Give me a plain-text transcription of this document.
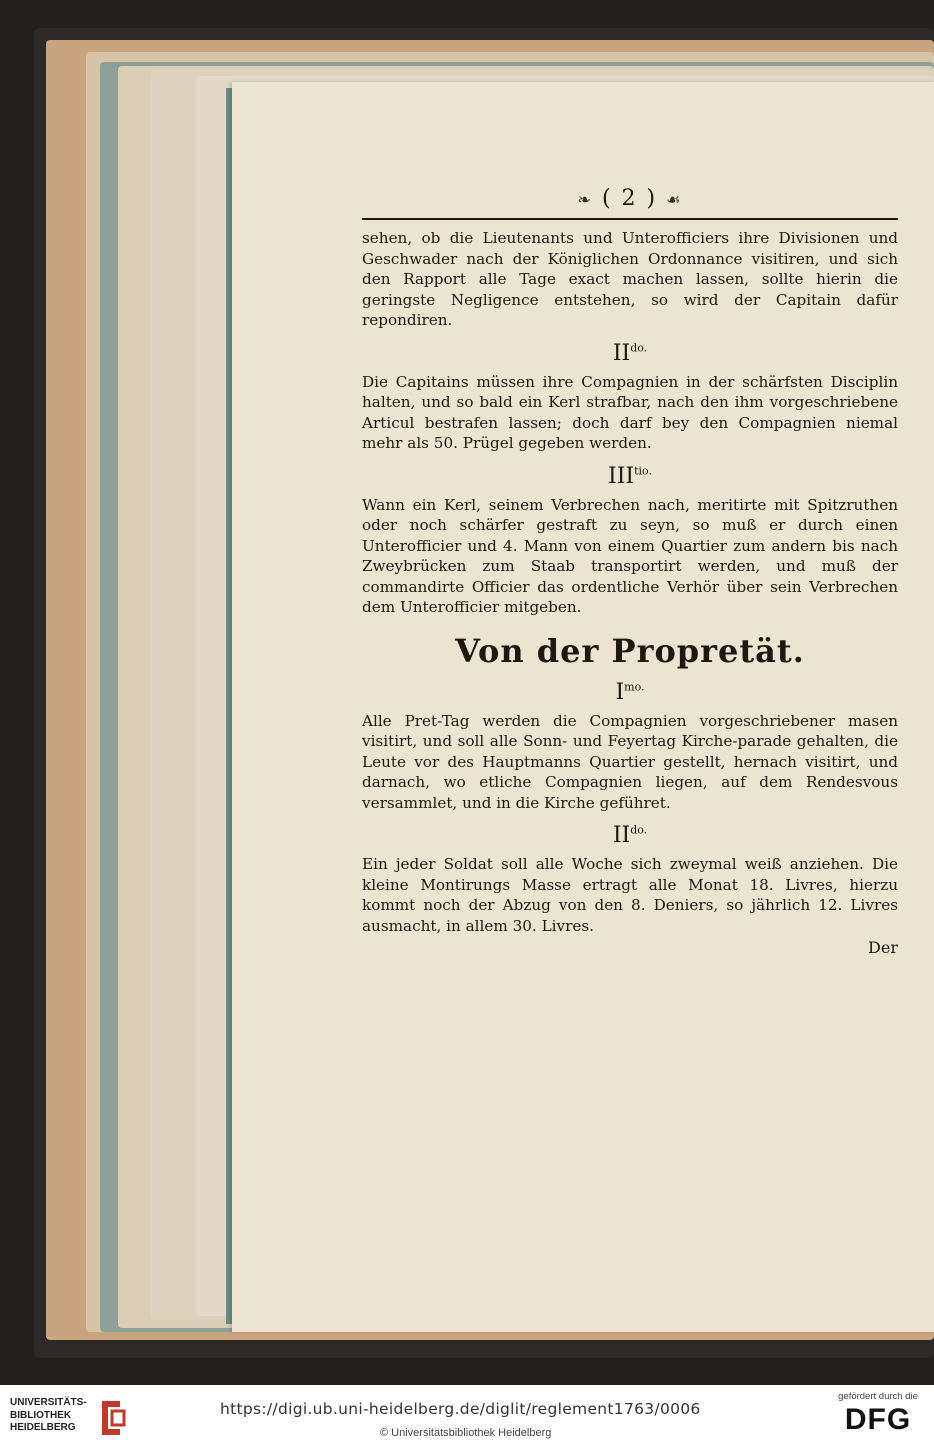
❧ ( 2 ) ☙

sehen, ob die Lieutenants und Unterofficiers ihre Divisionen und Geschwader nach der Königlichen Ordonnance visitiren, und sich den Rapport alle Tage exact machen lassen, sollte hierin die geringste Negligence entstehen, so wird der Capitain dafür repondiren.

$II^{do.}$

Die Capitains müssen ihre Compagnien in der schärfsten Disciplin halten, und so bald ein Kerl strafbar, nach den ihm vorgeschriebene Articul bestrafen lassen; doch darf bey den Compagnien niemal mehr als 50. Prügel gegeben werden.

$III^{tio.}$

Wann ein Kerl, seinem Verbrechen nach, meritirte mit Spitzruthen oder noch schärfer gestraft zu seyn, so muß er durch einen Unterofficier und 4. Mann von einem Quartier zum andern bis nach Zweybrücken zum Staab transportirt werden, und muß der commandirte Officier das ordentliche Verhör über sein Verbrechen dem Unterofficier mitgeben.

Von der Propretät.
$I^{mo.}$

Alle Pret-Tag werden die Compagnien vorgeschriebener masen visitirt, und soll alle Sonn- und Feyertag Kirche-parade gehalten, die Leute vor des Hauptmanns Quartier gestellt, hernach visitirt, und darnach, wo etliche Compagnien liegen, auf dem Rendesvous versammlet, und in die Kirche geführet.

$II^{do.}$

Ein jeder Soldat soll alle Woche sich zweymal weiß anziehen. Die kleine Montirungs Masse ertragt alle Monat 18. Livres, hierzu kommt noch der Abzug von den 8. Deniers, so jährlich 12. Livres ausmacht, in allem 30. Livres.

Der
UNIVERSITÄTS-
BIBLIOTHEK
HEIDELBERG
https://digi.ub.uni-heidelberg.de/diglit/reglement1763/0006
© Universitätsbibliothek Heidelberg
gefördert durch die
DFG
